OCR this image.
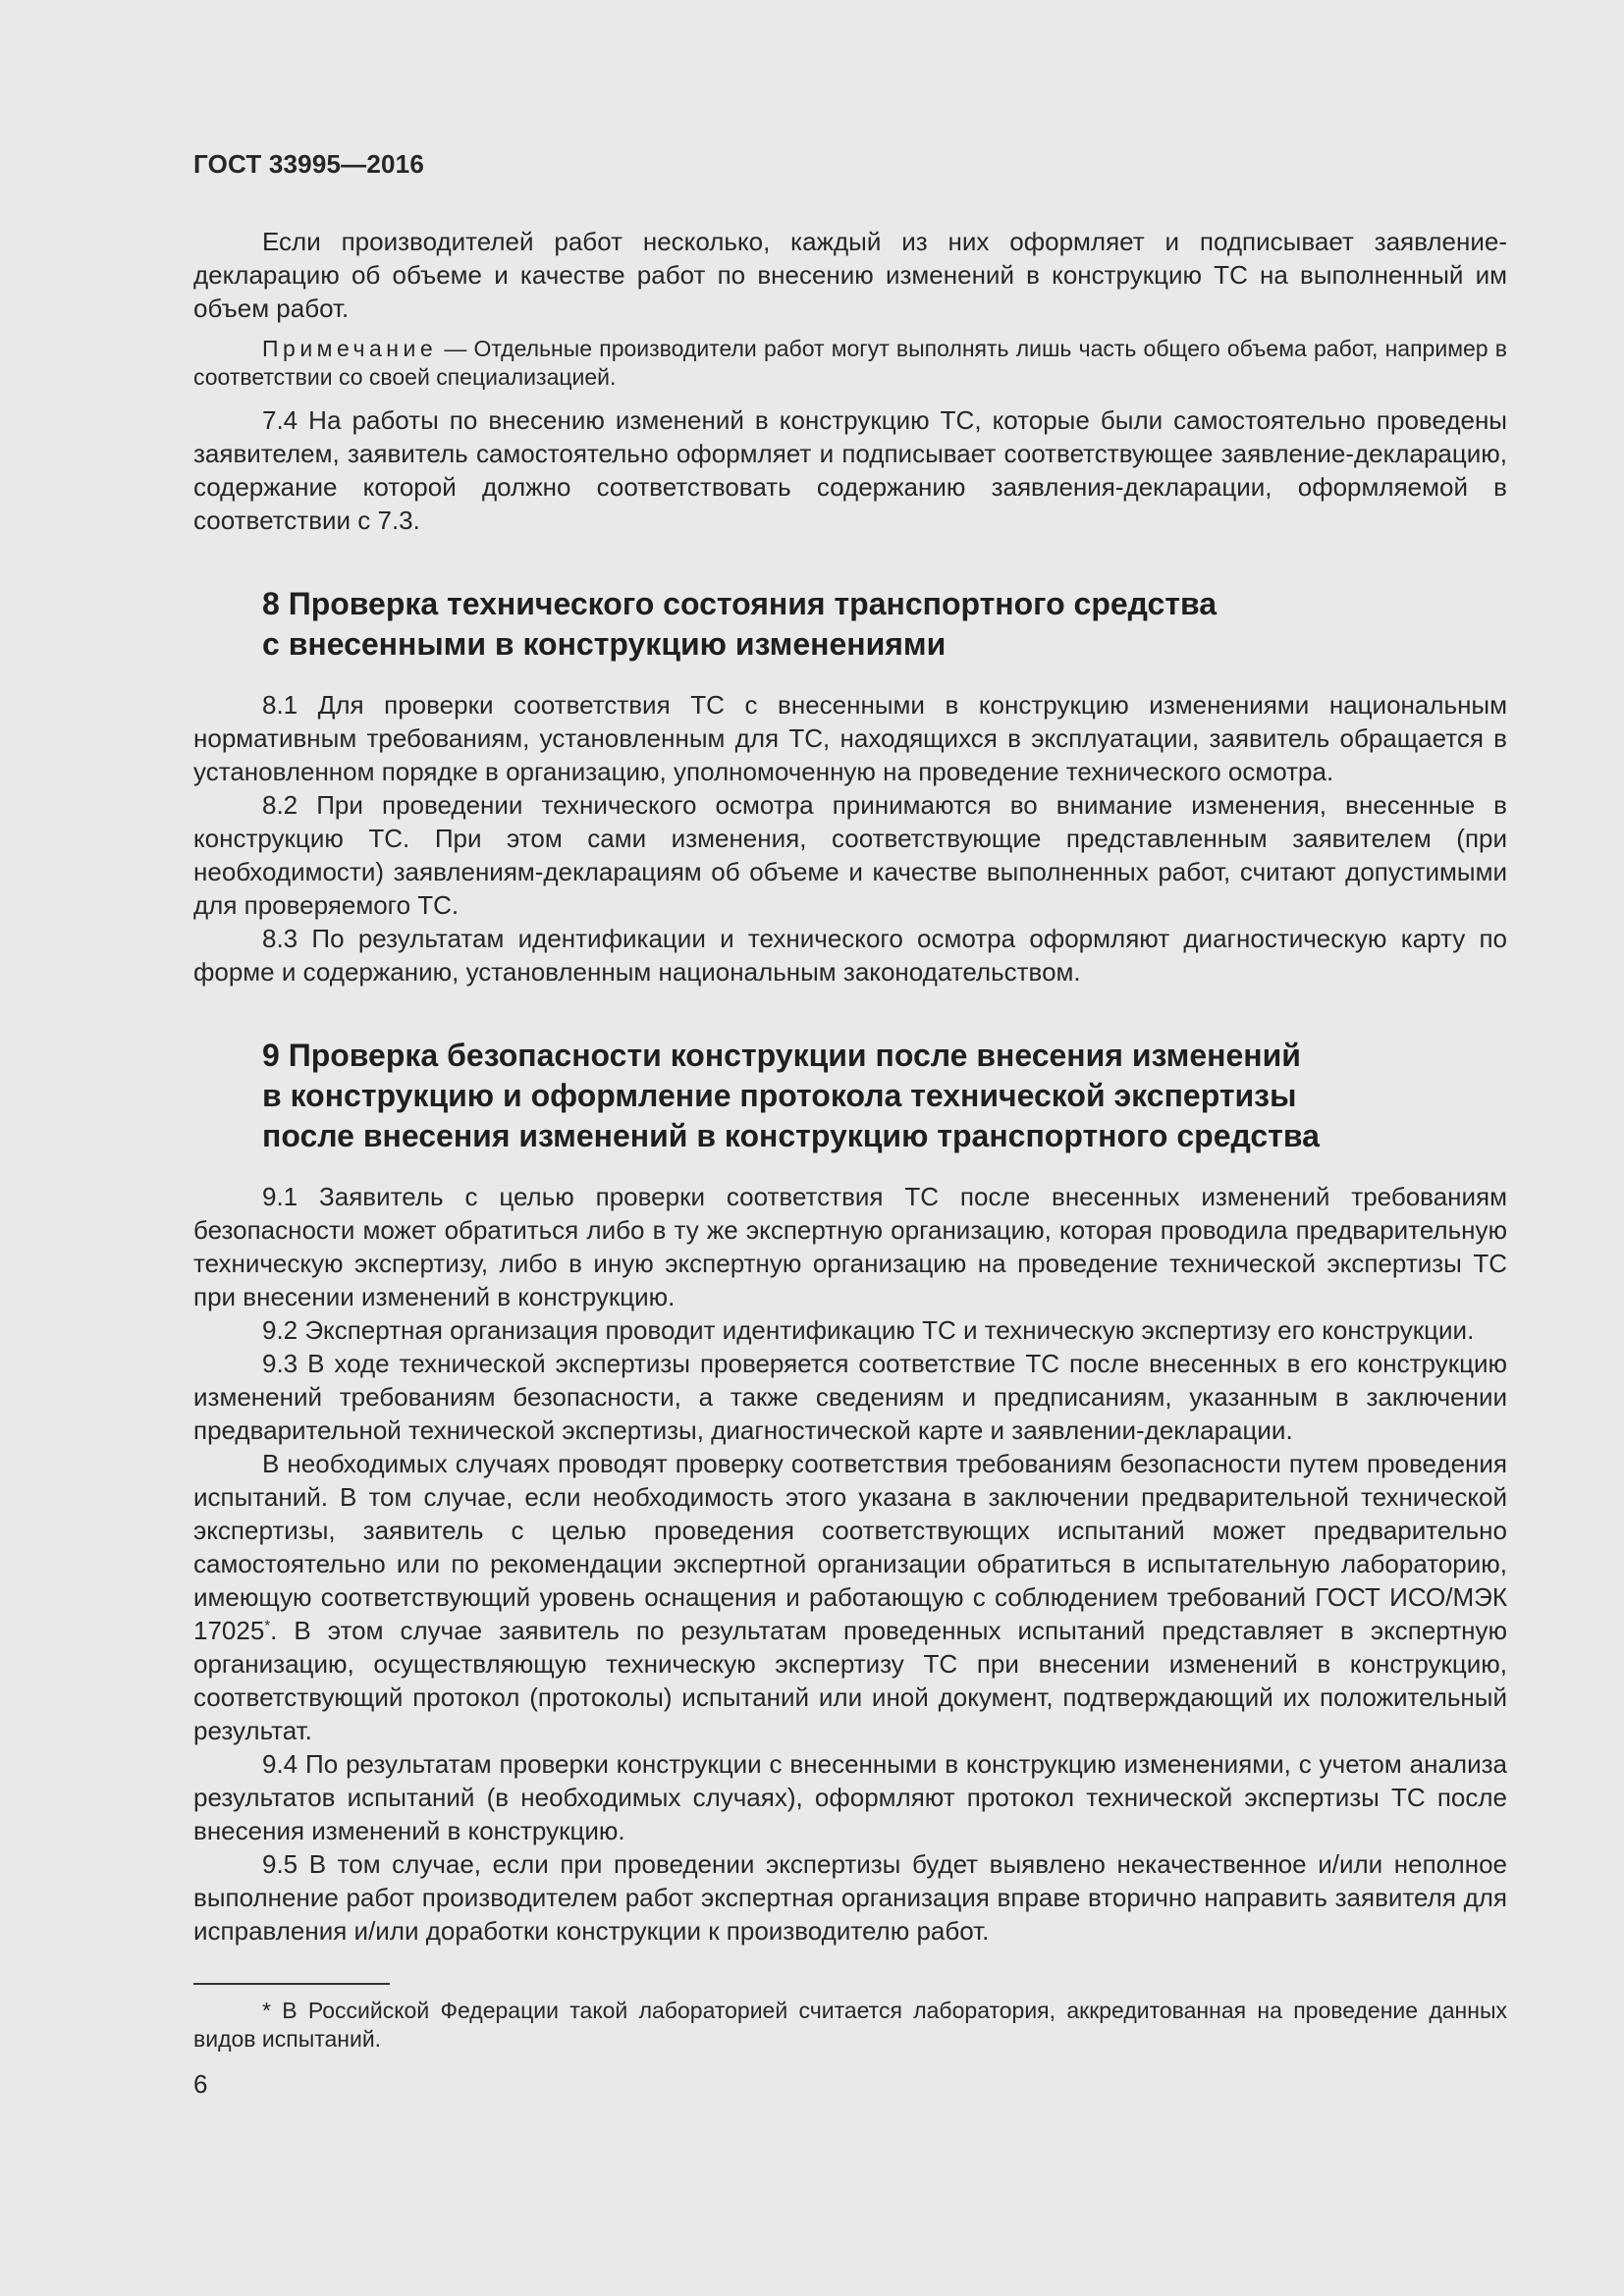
ГОСТ 33995—2016

Если производителей работ несколько, каждый из них оформляет и подписывает заявление-декларацию об объеме и качестве работ по внесению изменений в конструкцию ТС на выполненный им объем работ.

Примечание — Отдельные производители работ могут выполнять лишь часть общего объема работ, например в соответствии со своей специализацией.

7.4 На работы по внесению изменений в конструкцию ТС, которые были самостоятельно проведены заявителем, заявитель самостоятельно оформляет и подписывает соответствующее заявление-декларацию, содержание которой должно соответствовать содержанию заявления-декларации, оформляемой в соответствии с 7.3.

8 Проверка технического состояния транспортного средства
с внесенными в конструкцию изменениями

8.1 Для проверки соответствия ТС с внесенными в конструкцию изменениями национальным нормативным требованиям, установленным для ТС, находящихся в эксплуатации, заявитель обращается в установленном порядке в организацию, уполномоченную на проведение технического осмотра.

8.2 При проведении технического осмотра принимаются во внимание изменения, внесенные в конструкцию ТС. При этом сами изменения, соответствующие представленным заявителем (при необходимости) заявлениям-декларациям об объеме и качестве выполненных работ, считают допустимыми для проверяемого ТС.

8.3 По результатам идентификации и технического осмотра оформляют диагностическую карту по форме и содержанию, установленным национальным законодательством.

9 Проверка безопасности конструкции после внесения изменений
в конструкцию и оформление протокола технической экспертизы
после внесения изменений в конструкцию транспортного средства

9.1 Заявитель с целью проверки соответствия ТС после внесенных изменений требованиям безопасности может обратиться либо в ту же экспертную организацию, которая проводила предварительную техническую экспертизу, либо в иную экспертную организацию на проведение технической экспертизы ТС при внесении изменений в конструкцию.

9.2 Экспертная организация проводит идентификацию ТС и техническую экспертизу его конструкции.

9.3 В ходе технической экспертизы проверяется соответствие ТС после внесенных в его конструкцию изменений требованиям безопасности, а также сведениям и предписаниям, указанным в заключении предварительной технической экспертизы, диагностической карте и заявлении-декларации.

В необходимых случаях проводят проверку соответствия требованиям безопасности путем проведения испытаний. В том случае, если необходимость этого указана в заключении предварительной технической экспертизы, заявитель с целью проведения соответствующих испытаний может предварительно самостоятельно или по рекомендации экспертной организации обратиться в испытательную лабораторию, имеющую соответствующий уровень оснащения и работающую с соблюдением требований ГОСТ ИСО/МЭК 17025*. В этом случае заявитель по результатам проведенных испытаний представляет в экспертную организацию, осуществляющую техническую экспертизу ТС при внесении изменений в конструкцию, соответствующий протокол (протоколы) испытаний или иной документ, подтверждающий их положительный результат.

9.4 По результатам проверки конструкции с внесенными в конструкцию изменениями, с учетом анализа результатов испытаний (в необходимых случаях), оформляют протокол технической экспертизы ТС после внесения изменений в конструкцию.

9.5 В том случае, если при проведении экспертизы будет выявлено некачественное и/или неполное выполнение работ производителем работ экспертная организация вправе вторично направить заявителя для исправления и/или доработки конструкции к производителю работ.

* В Российской Федерации такой лабораторией считается лаборатория, аккредитованная на проведение данных видов испытаний.

6
